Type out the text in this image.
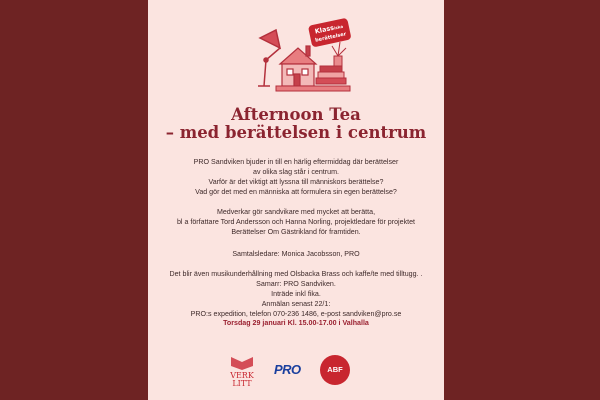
Klassiska
berättelser
Afternoon Tea
– med berättelsen i centrum
PRO Sandviken bjuder in till en härlig eftermiddag där berättelser
av olika slag står i centrum.
Varför är det viktigt att lyssna till människors berättelse?
Vad gör det med en människa att formulera sin egen berättelse?
Medverkar gör sandvikare med mycket att berätta,
bl a författare Tord Andersson och Hanna Norling, projektledare för projektet
Berättelser Om Gästrikland för framtiden.
Samtalsledare: Monica Jacobsson, PRO
Det blir även musikunderhållning med Olsbacka Brass och kaffe/te med tilltugg. .
Samarr: PRO Sandviken.
Inträde inkl fika.
Anmälan senast 22/1:
PRO:s expedition, telefon 070-236 1486, e-post sandviken@pro.se
Torsdag 29 januari Kl. 15.00-17.00 i Valhalla
VERK
LITT
PRO	ABF
